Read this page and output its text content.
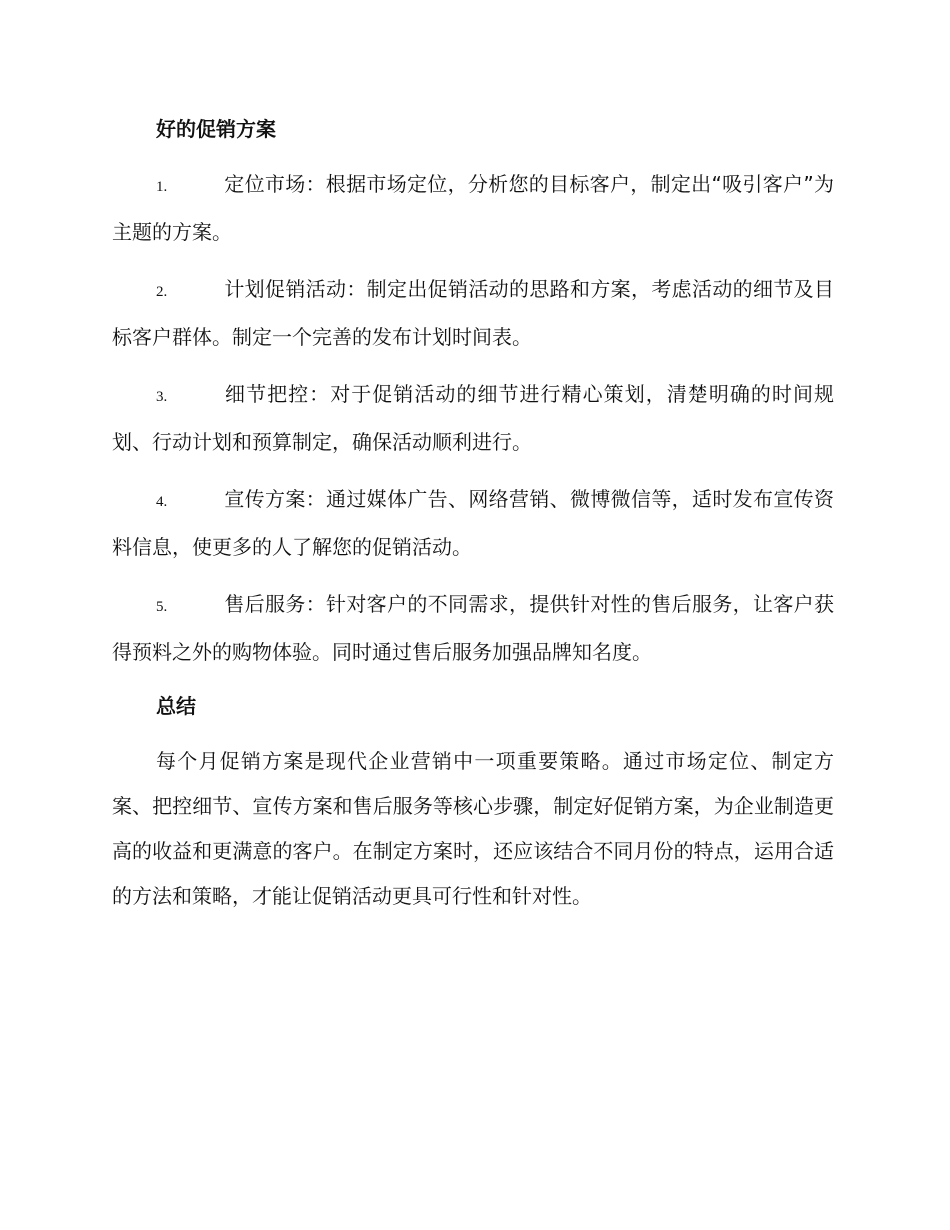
好的促销方案
1.	定位市场：根据市场定位，分析您的目标客户，制定出“吸引客户”为主题的方案。
2.	计划促销活动：制定出促销活动的思路和方案，考虑活动的细节及目标客户群体。制定一个完善的发布计划时间表。
3.	细节把控：对于促销活动的细节进行精心策划，清楚明确的时间规划、行动计划和预算制定，确保活动顺利进行。
4.	宣传方案：通过媒体广告、网络营销、微博微信等，适时发布宣传资料信息，使更多的人了解您的促销活动。
5.	售后服务：针对客户的不同需求，提供针对性的售后服务，让客户获得预料之外的购物体验。同时通过售后服务加强品牌知名度。
总结

每个月促销方案是现代企业营销中一项重要策略。通过市场定位、制定方案、把控细节、宣传方案和售后服务等核心步骤，制定好促销方案，为企业制造更高的收益和更满意的客户。在制定方案时，还应该结合不同月份的特点，运用合适的方法和策略，才能让促销活动更具可行性和针对性。
